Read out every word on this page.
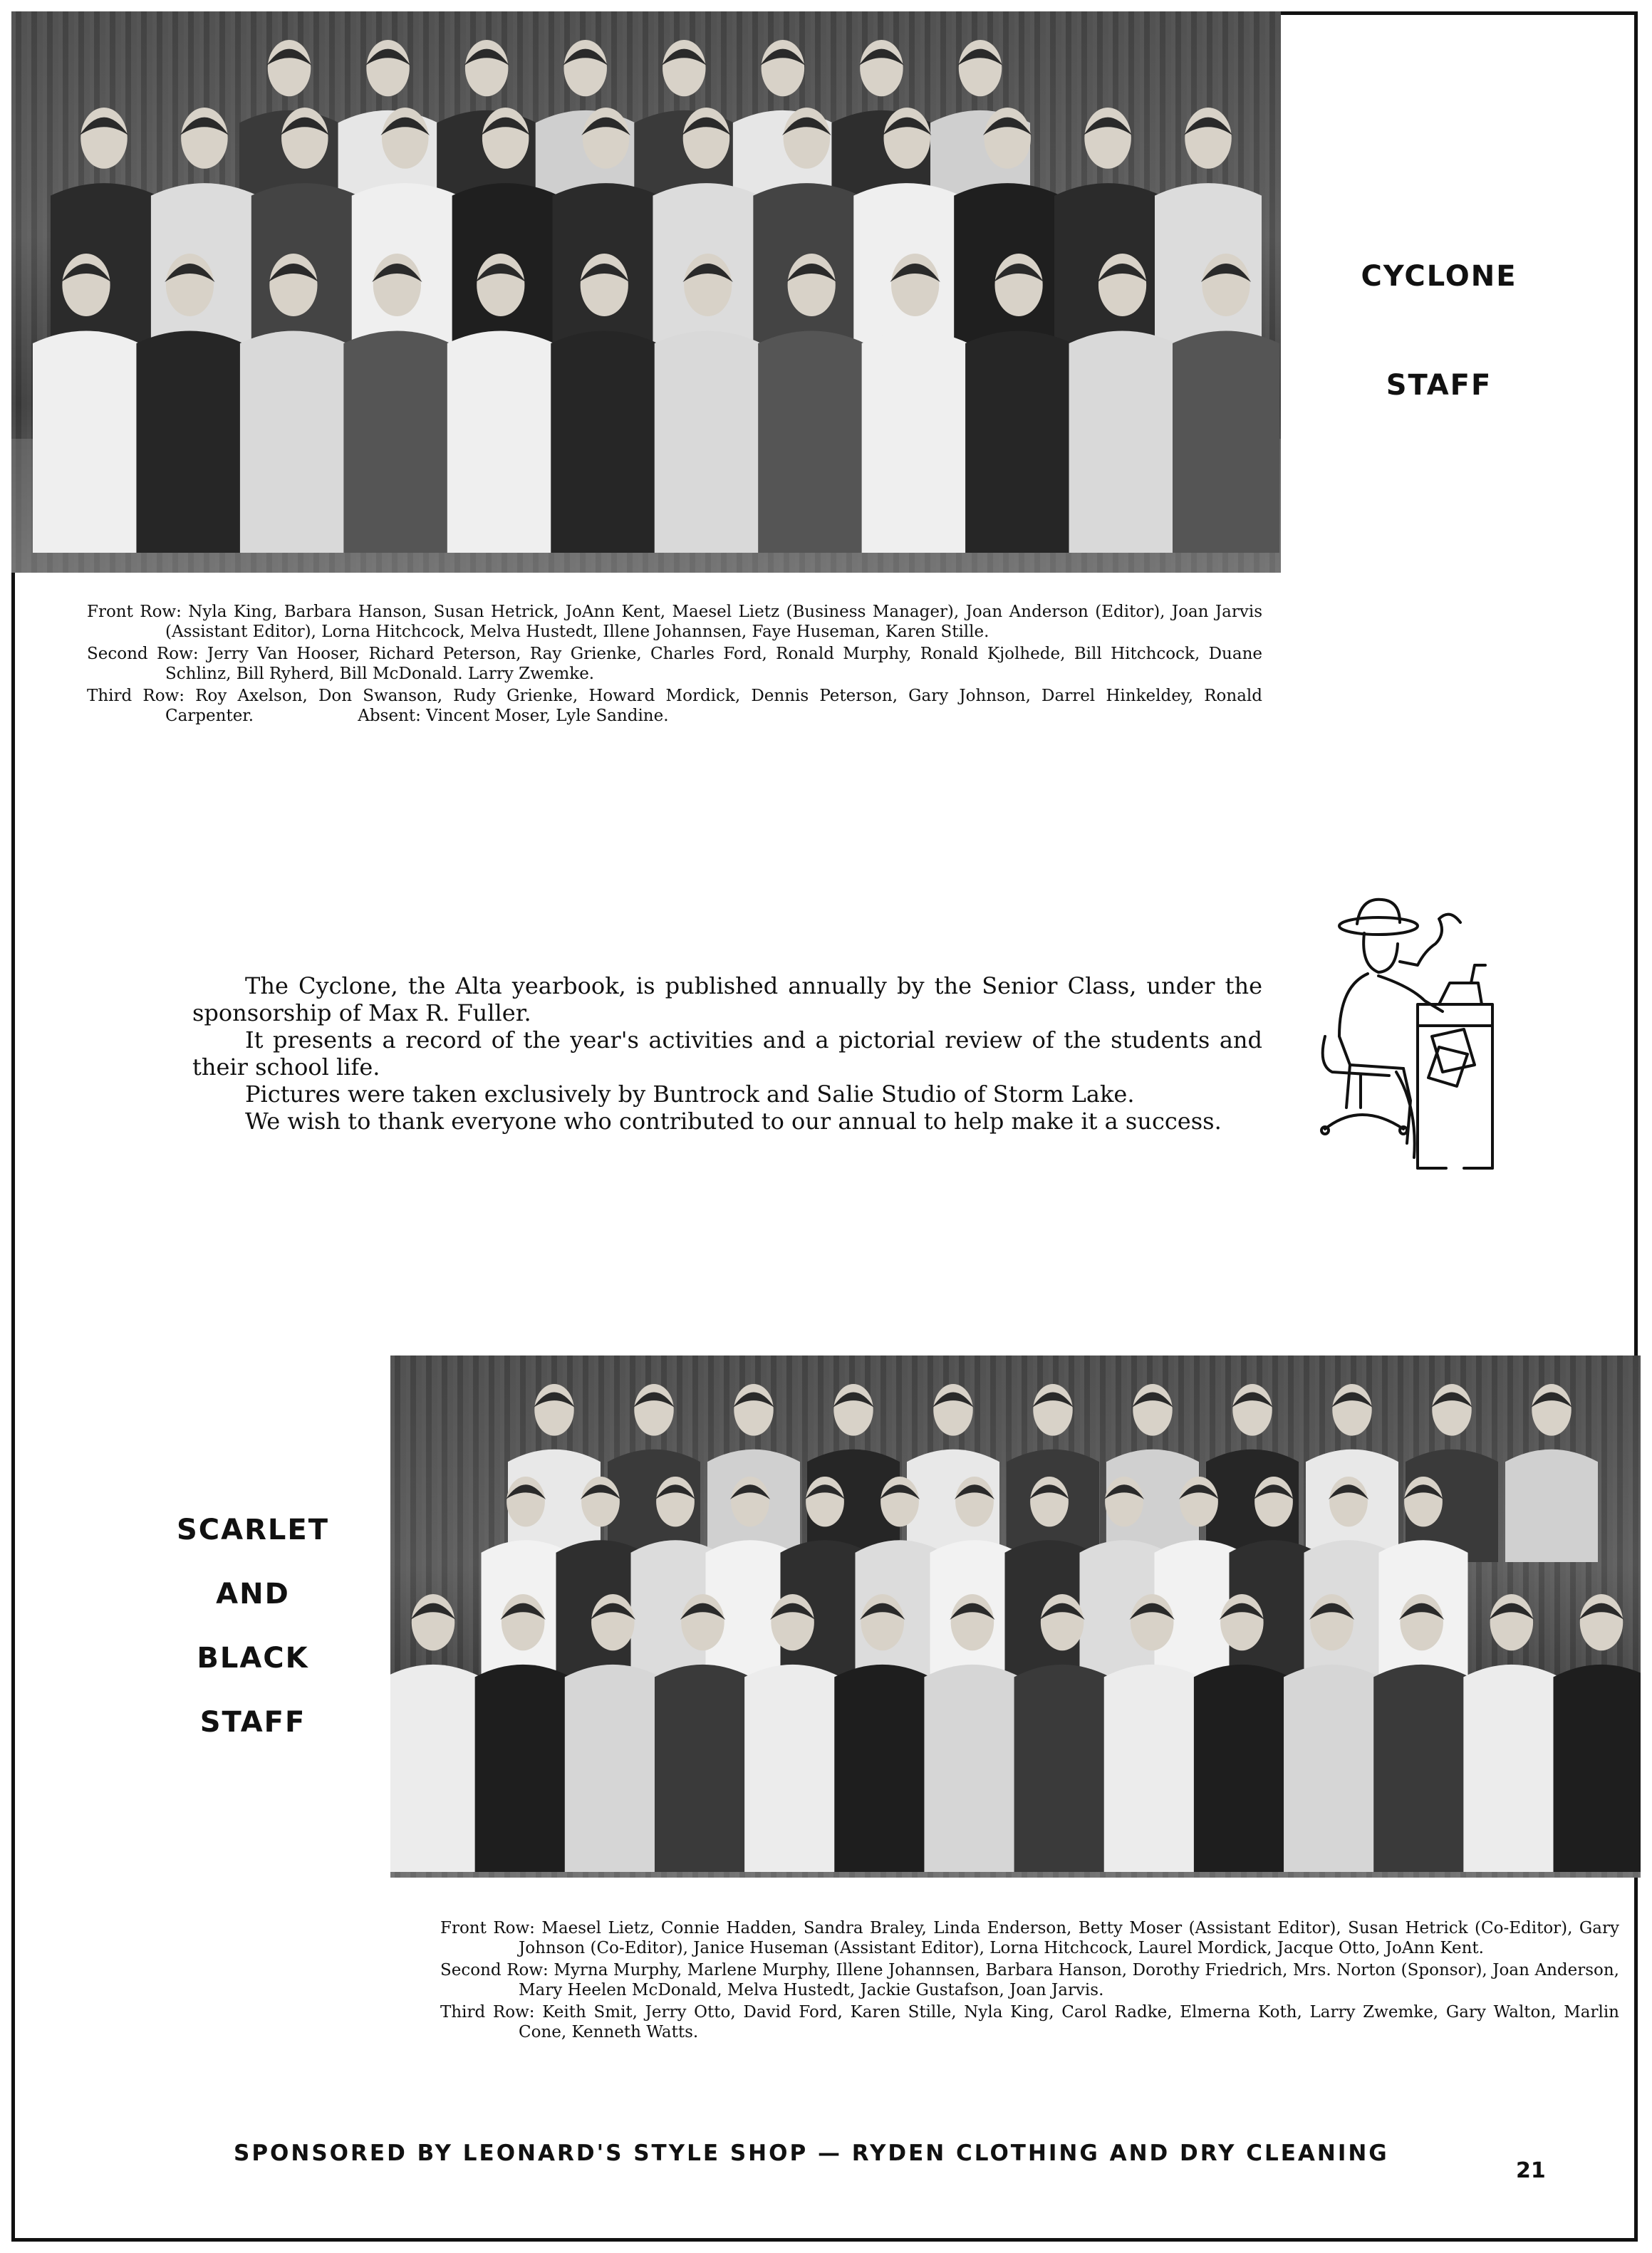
CYCLONE
STAFF

Front Row: Nyla King, Barbara Hanson, Susan Hetrick, JoAnn Kent, Maesel Lietz (Business Manager), Joan Anderson (Editor), Joan Jarvis (Assistant Editor), Lorna Hitchcock, Melva Hustedt, Illene Johannsen, Faye Huseman, Karen Stille.

Second Row: Jerry Van Hooser, Richard Peterson, Ray Grienke, Charles Ford, Ronald Murphy, Ronald Kjolhede, Bill Hitchcock, Duane Schlinz, Bill Ryherd, Bill McDonald. Larry Zwemke.

Third Row: Roy Axelson, Don Swanson, Rudy Grienke, Howard Mordick, Dennis Peterson, Gary Johnson, Darrel Hinkeldey, Ronald Carpenter.                    Absent: Vincent Moser, Lyle Sandine.

The Cyclone, the Alta yearbook, is published annually by the Senior Class, under the sponsorship of Max R. Fuller.

It presents a record of the year's activities and a pictorial review of the students and their school life.

Pictures were taken exclusively by Buntrock and Salie Studio of Storm Lake.

We wish to thank everyone who contributed to our annual to help make it a success.

SCARLET
AND
BLACK
STAFF

Front Row: Maesel Lietz, Connie Hadden, Sandra Braley, Linda Enderson, Betty Moser (Assistant Editor), Susan Hetrick (Co-Editor), Gary Johnson (Co-Editor), Janice Huseman (Assistant Editor), Lorna Hitchcock, Laurel Mordick, Jacque Otto, JoAnn Kent.

Second Row: Myrna Murphy, Marlene Murphy, Illene Johannsen, Barbara Hanson, Dorothy Friedrich, Mrs. Norton (Sponsor), Joan Anderson, Mary Heelen McDonald, Melva Hustedt, Jackie Gustafson, Joan Jarvis.

Third Row: Keith Smit, Jerry Otto, David Ford, Karen Stille, Nyla King, Carol Radke, Elmerna Koth, Larry Zwemke, Gary Walton, Marlin Cone, Kenneth Watts.

SPONSORED BY LEONARD'S STYLE SHOP — RYDEN CLOTHING AND DRY CLEANING
21
